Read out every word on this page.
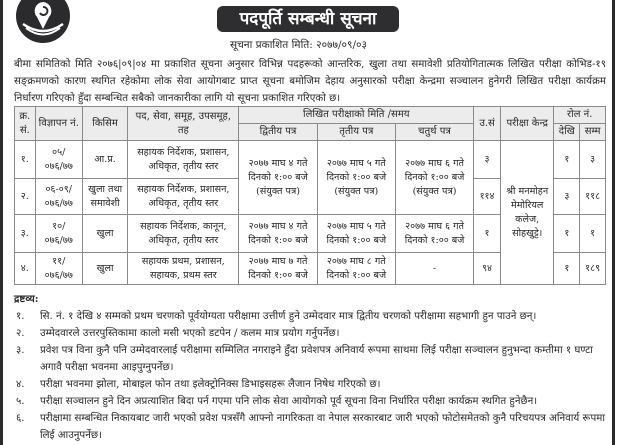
पदपूर्ति सम्बन्धी सूचना
सूचना प्रकाशित मिति: २०७७/०९/०३
बीमा समितिको मिति २०७६|०९|०४ मा प्रकाशित सूचना अनुसार विभिन्न पदहरूको आन्तरिक, खुला तथा समावेशी प्रतियोगितात्मक लिखित परीक्षा कोभिड-१९ सङ्क्रमणको कारण स्थगित रहेकोमा लोक सेवा आयोगबाट प्राप्त सूचना बमोजिम देहाय अनुसारको परीक्षा केन्द्रमा सञ्चालन हुनेगरी लिखित परीक्षा कार्यक्रम निर्धारण गरिएको हुँदा सम्बन्धित सबैको जानकारीका लागि यो सूचना प्रकाशित गरिएको छ।
क्र. सं.	विज्ञापन नं.	किसिम	पद, सेवा, समूह, उपसमूह, तह	लिखित परीक्षाको मिति /समय			उ.सं	परीक्षा केन्द्र	रोल नं.	
				द्वितीय पत्र	तृतीय पत्र	चतुर्थ पत्र			देखि	सम्म
१.	०५/ ०७६/७७	आ.प्र.	सहायक निर्देशक, प्रशासन, अधिकृत, तृतीय स्तर	२०७७ माघ ४ गते दिनको १:०० बजे (संयुक्त पत्र)	२०७७ माघ ५ गते दिनको १:०० बजे (संयुक्त पत्र)	२०७७ माघ ६ गते दिनको १:०० बजे (संयुक्त पत्र)	३	श्री मनमोहन मेमोरियल कलेज, सोहखुट्टे।	१	३
२.	०६-०९/ ०७६/७७	खुला तथा समावेशी	सहायक निर्देशक, प्रशासन, अधिकृत, तृतीय स्तर				११४		३	११८
३.	१०/ ०७६/७७	खुला	सहायक निर्देशक, कानून, अधिकृत, तृतीय स्तर	२०७७ माघ ४ गते दिनको १:०० बजे	२०७७ माघ ५ गते दिनको १:०० बजे	२०७७ माघ ६ गते दिनको १:०० बजे	१		१	१
४.	११/ ०७६/७७	खुला	सहायक प्रथम, प्रशासन, सहायक, प्रथम स्तर	२०७७ माघ ७ गते दिनको १:०० बजे	२०७७ माघ ८ गते दिनको १:०० बजे	-	९४		१	१८९
द्रष्टव्य:
१.	सि. नं. १ देखि ४ सम्मको प्रथम चरणको पूर्वयोग्यता परीक्षामा उत्तीर्ण हुने उम्मेदवार मात्र द्वितीय चरणको परीक्षामा सहभागी हुन पाउने छन्।
२.	उम्मेदवारले उत्तरपुस्तिकामा कालो मसी भएको डटपेन / कलम मात्र प्रयोग गर्नुपर्नेछ।
३.	प्रवेश पत्र विना कुनै पनि उम्मेदवारलाई परीक्षामा सम्मिलित नगराइने हुँदा प्रवेशपत्र अनिवार्य रूपमा साथमा लिई परीक्षा सञ्चालन हुनुभन्दा कम्तीमा १ घण्टा अगावै परीक्षा भवनमा आइपुग्नुपर्नेछ।
४.	परीक्षा भवनमा झोला, मोबाइल फोन तथा इलेक्ट्रोनिक्स डिभाइसहरू लैजान निषेध गरिएको छ।
५.	परीक्षा सञ्चालन हुने दिन अप्रत्याशित बिदा पर्न गएमा पनि लोक सेवा आयोगको पूर्व सूचना विना निर्धारित परीक्षा कार्यक्रम स्थगित हुनेछैन।
६.	परीक्षामा सम्बन्धित निकायबाट जारी भएको प्रवेश पत्रसँगै आफ्नो नागरिकता वा नेपाल सरकारबाट जारी भएको फोटोसमेतको कुनै परिचयपत्र अनिवार्य रूपमा लिई आउनुपर्नेछ।
